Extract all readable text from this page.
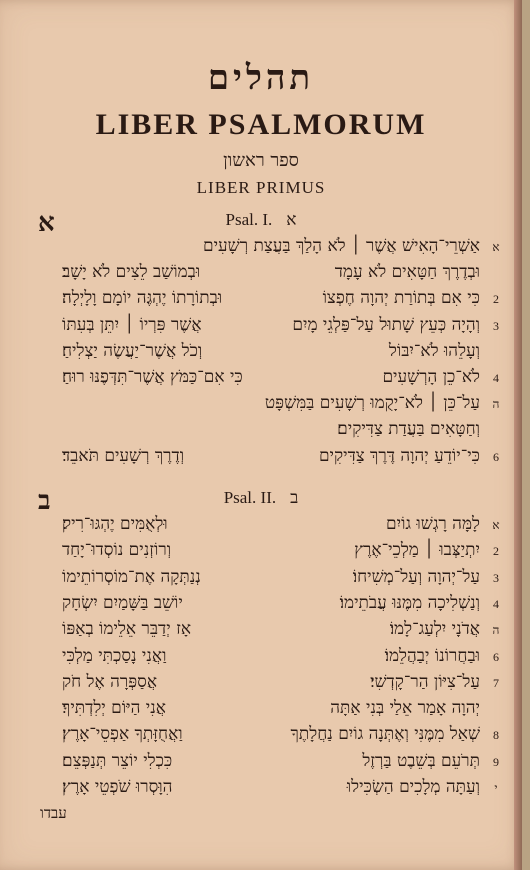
תהלים
LIBER PSALMORUM
ספר ראשון
LIBER PRIMUS
א	Psal. I. א
א
אַשְׁרֵי־הָאִישׁ אֲשֶׁר ׀ לֹא הָלַךְ בַּעֲצַת רְשָׁעִים
וּבְדֶרֶךְ חַטָּאִים לֹא עָמָד
וּבְמוֹשַׁב לֵצִים לֹא יָשָׁב׃
2
כִּי אִם בְּתוֹרַת יְהוָה חֶפְצוֹ
וּבְתוֹרָתוֹ יֶהְגֶּה יוֹמָם וָלָיְלָה׃
3
וְהָיָה כְּעֵץ שָׁתוּל עַל־פַּלְגֵי מָיִם
אֲשֶׁר פִּרְיוֹ ׀ יִתֵּן בְּעִתּוֹ
וְעָלֵהוּ לֹא־יִבּוֹל
וְכֹל אֲשֶׁר־יַעֲשֶׂה יַצְלִיחַ׃
4
לֹא־כֵן הָרְשָׁעִים
כִּי אִם־כַּמֹּץ אֲשֶׁר־תִּדְּפֶנּוּ רוּחַ׃
ה
עַל־כֵּן ׀ לֹא־יָקֻמוּ רְשָׁעִים בַּמִּשְׁפָּט
וְחַטָּאִים בַּעֲדַת צַדִּיקִים׃
6
כִּי־יוֹדֵעַ יְהוָה דֶּרֶךְ צַדִּיקִים
וְדֶרֶךְ רְשָׁעִים תֹּאבֵד׃
ב	Psal. II. ב
א
לָמָּה רָגְשׁוּ גוֹיִם
וּלְאֻמִּים יֶהְגּוּ־רִיק׃
2
יִתְיַצְּבוּ ׀ מַלְכֵי־אֶרֶץ
וְרוֹזְנִים נוֹסְדוּ־יָחַד
3
עַל־יְהוָה וְעַל־מְשִׁיחוֹ׃
נְנַתְּקָה אֶת־מוֹסְרוֹתֵימוֹ
4
וְנַשְׁלִיכָה מִמֶּנּוּ עֲבֹתֵימוֹ׃
יוֹשֵׁב בַּשָּׁמַיִם יִשְׂחָק
ה
אֲדֹנָי יִלְעַג־לָמוֹ׃
אָז יְדַבֵּר אֵלֵימוֹ בְאַפּוֹ
6
וּבַחֲרוֹנוֹ יְבַהֲלֵמוֹ׃
וַאֲנִי נָסַכְתִּי מַלְכִּי
7
עַל־צִיּוֹן הַר־קָדְשִׁי׃
אֲסַפְּרָה אֶל חֹק
יְהוָה אָמַר אֵלַי בְּנִי אַתָּה
אֲנִי הַיּוֹם יְלִדְתִּיךָ׃
8
שְׁאַל מִמֶּנִּי וְאֶתְּנָה גוֹיִם נַחֲלָתֶךָ
וַאֲחֻזָּתְךָ אַפְסֵי־אָרֶץ׃
9
תְּרֹעֵם בְּשֵׁבֶט בַּרְזֶל
כִּכְלִי יוֹצֵר תְּנַפְּצֵם׃
י
וְעַתָּה מְלָכִים הַשְׂכִּילוּ
הִוָּסְרוּ שֹׁפְטֵי אָרֶץ׃
עבדו
